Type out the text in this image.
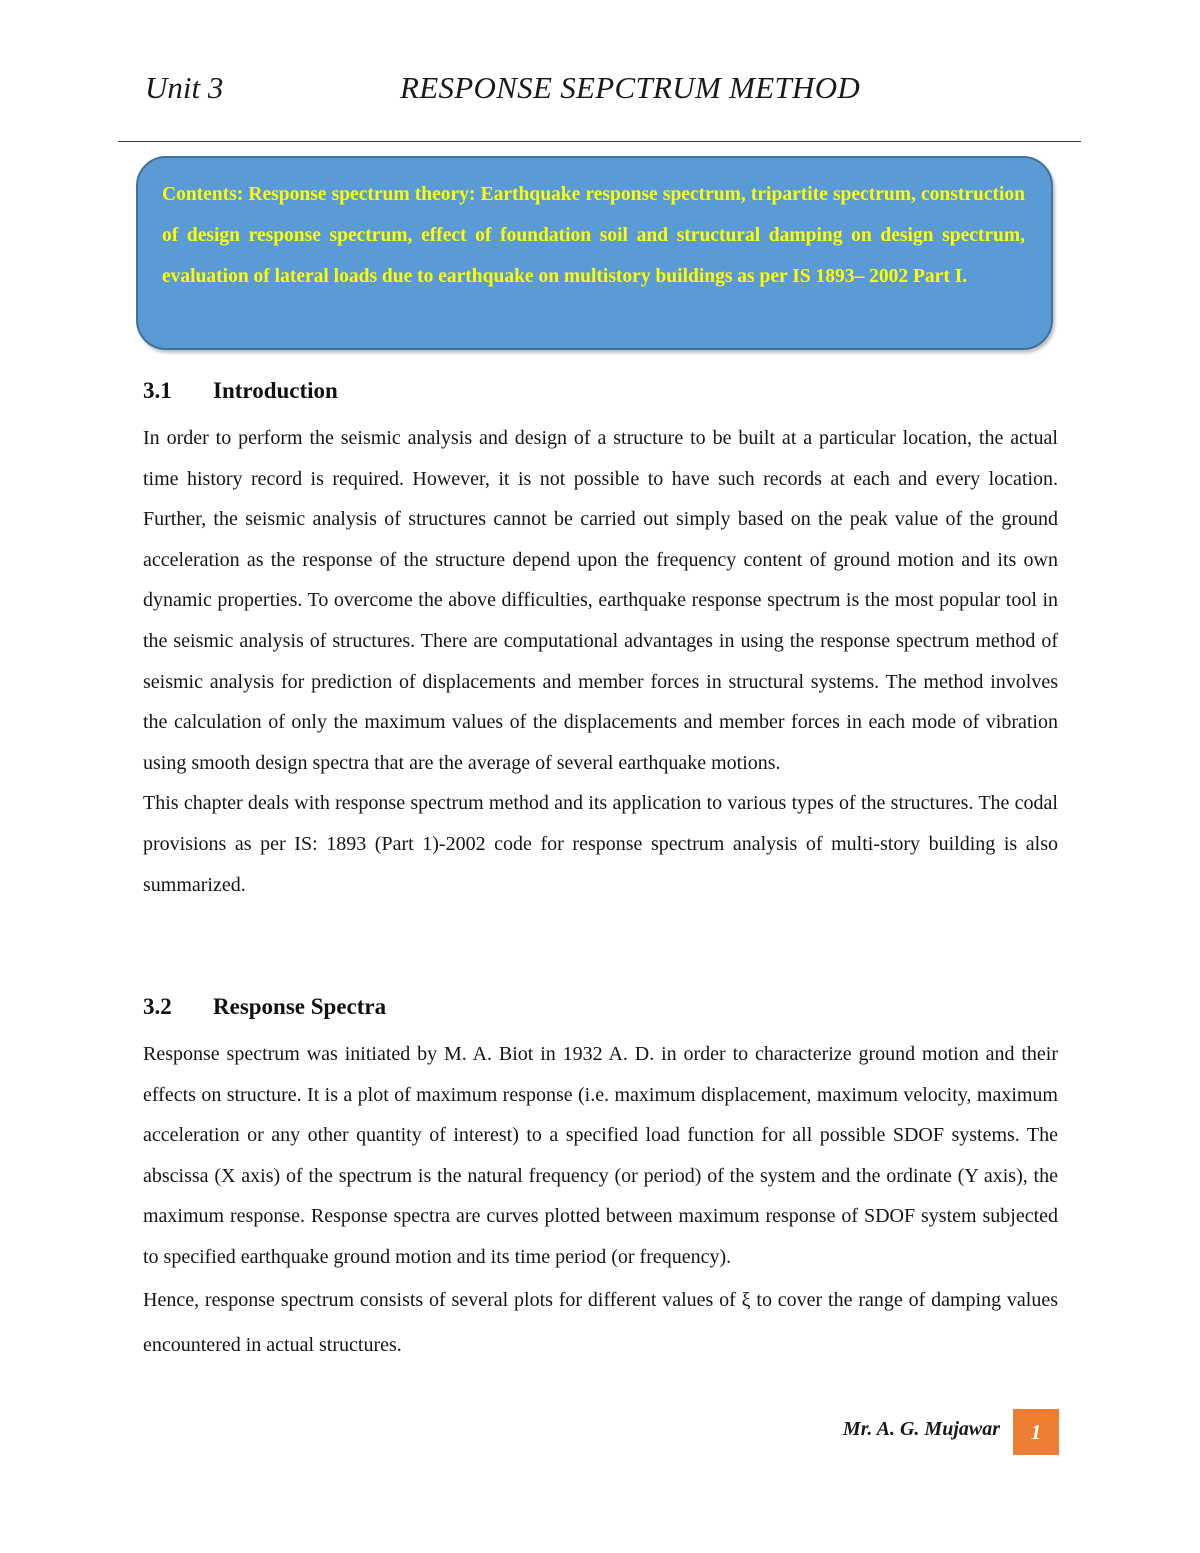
Unit 3	RESPONSE SEPCTRUM METHOD
Contents: Response spectrum theory: Earthquake response spectrum, tripartite spectrum, construction of design response spectrum, effect of foundation soil and structural damping on design spectrum, evaluation of lateral loads due to earthquake on multistory buildings as per IS 1893– 2002 Part I.
3.1 Introduction

In order to perform the seismic analysis and design of a structure to be built at a particular location, the actual time history record is required. However, it is not possible to have such records at each and every location. Further, the seismic analysis of structures cannot be carried out simply based on the peak value of the ground acceleration as the response of the structure depend upon the frequency content of ground motion and its own dynamic properties. To overcome the above difficulties, earthquake response spectrum is the most popular tool in the seismic analysis of structures. There are computational advantages in using the response spectrum method of seismic analysis for prediction of displacements and member forces in structural systems. The method involves the calculation of only the maximum values of the displacements and member forces in each mode of vibration using smooth design spectra that are the average of several earthquake motions.

This chapter deals with response spectrum method and its application to various types of the structures. The codal provisions as per IS: 1893 (Part 1)-2002 code for response spectrum analysis of multi-story building is also summarized.

3.2 Response Spectra

Response spectrum was initiated by M. A. Biot in 1932 A. D. in order to characterize ground motion and their effects on structure. It is a plot of maximum response (i.e. maximum displacement, maximum velocity, maximum acceleration or any other quantity of interest) to a specified load function for all possible SDOF systems. The abscissa (X axis) of the spectrum is the natural frequency (or period) of the system and the ordinate (Y axis), the maximum response. Response spectra are curves plotted between maximum response of SDOF system subjected to specified earthquake ground motion and its time period (or frequency).

Hence, response spectrum consists of several plots for different values of ξ to cover the range of damping values encountered in actual structures.

Mr. A. G. Mujawar	1
